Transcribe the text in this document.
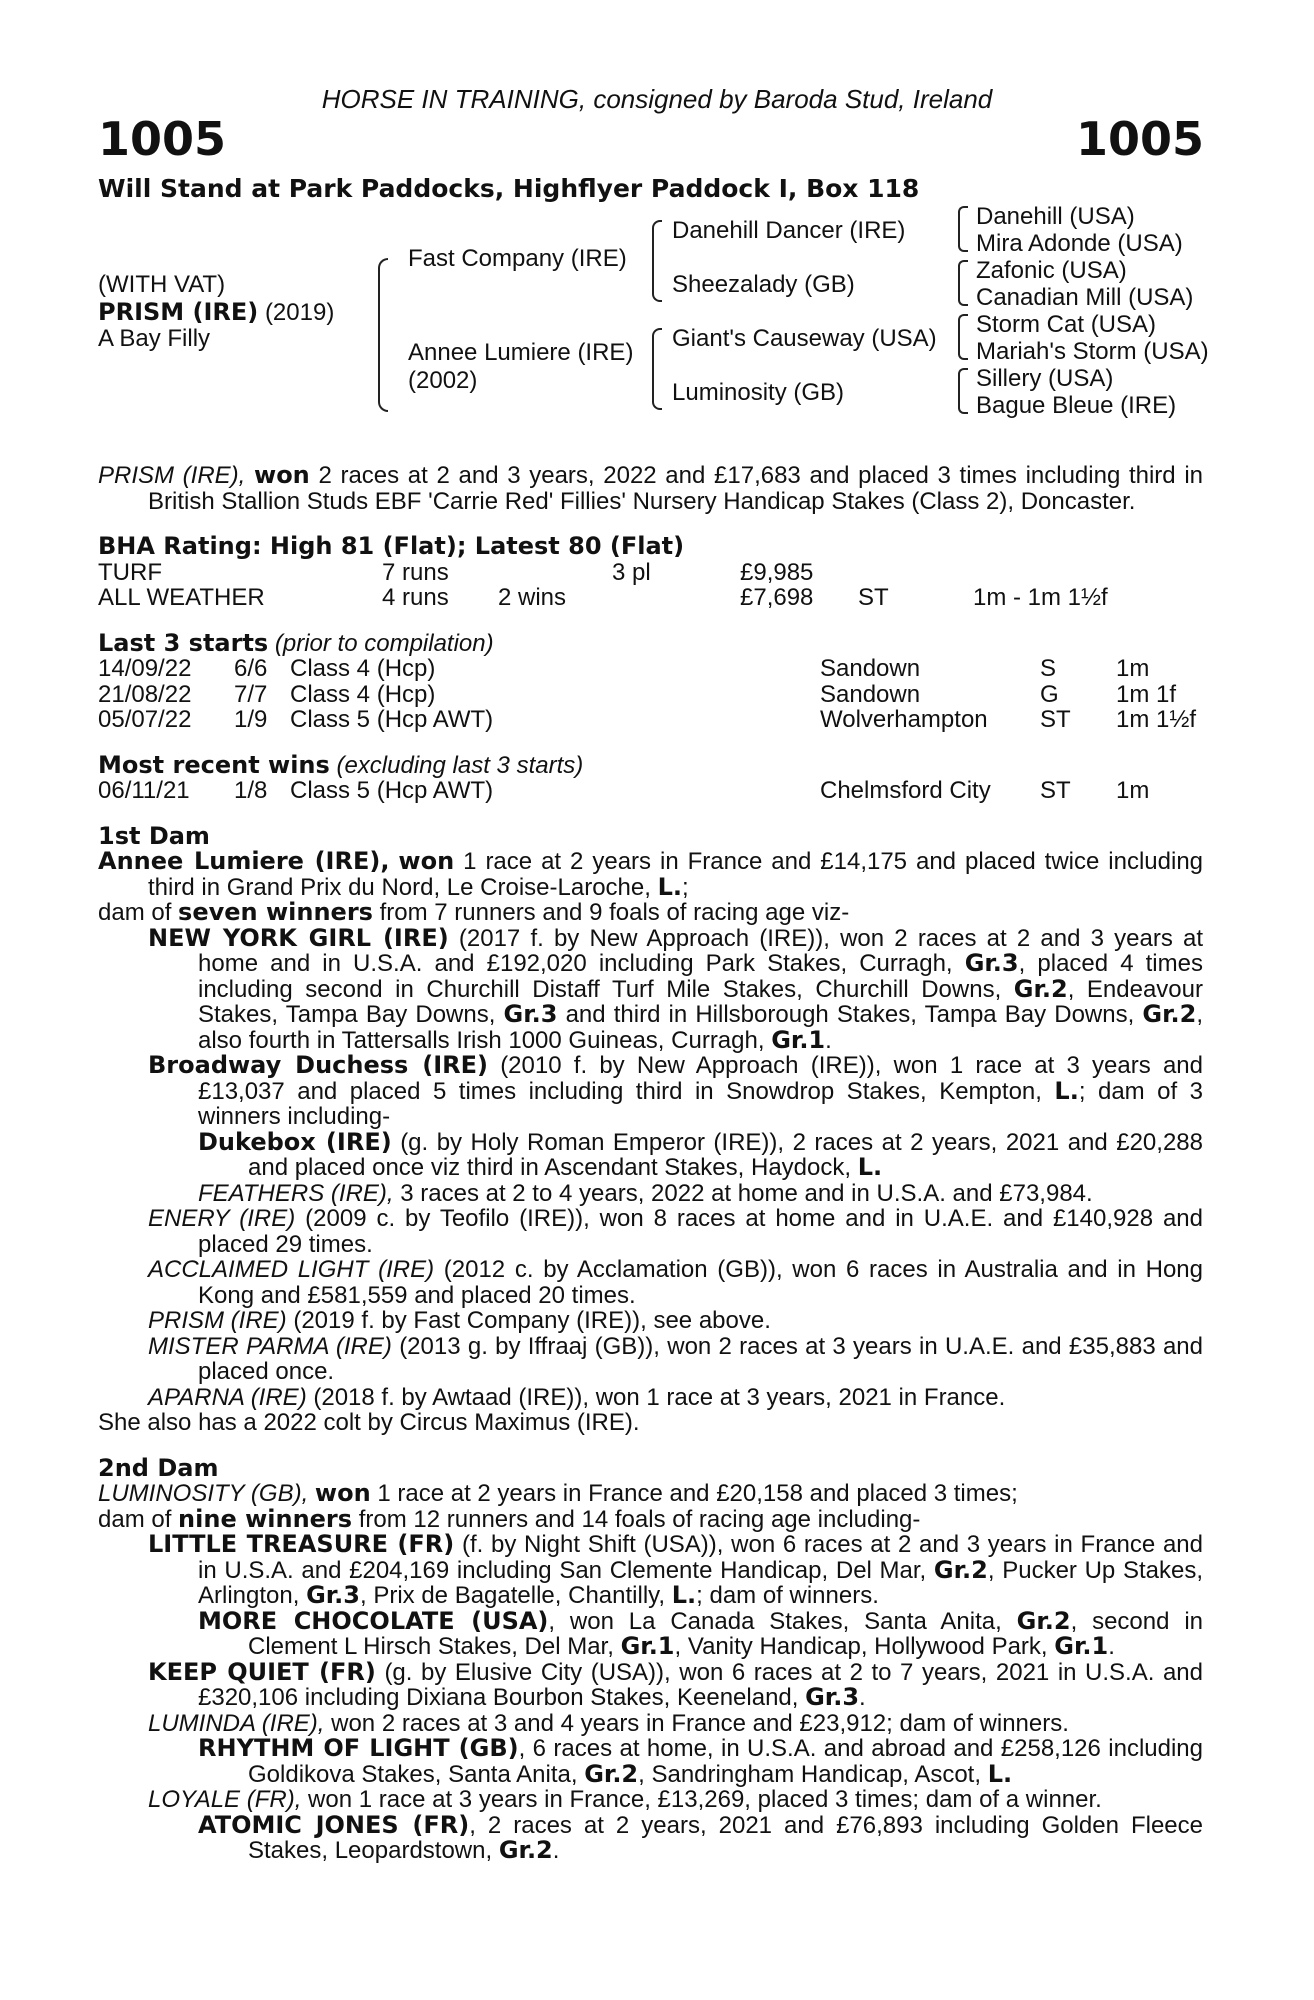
HORSE IN TRAINING, consigned by Baroda Stud, Ireland
1005	1005
Will Stand at Park Paddocks, Highflyer Paddock I, Box 118
(WITH VAT)
PRISM (IRE) (2019)
A Bay Filly
Fast Company (IRE)
Annee Lumiere (IRE)
(2002)
Danehill Dancer (IRE)
Sheezalady (GB)
Giant's Causeway (USA)
Luminosity (GB)
Danehill (USA)
Mira Adonde (USA)
Zafonic (USA)
Canadian Mill (USA)
Storm Cat (USA)
Mariah's Storm (USA)
Sillery (USA)
Bague Bleue (IRE)

PRISM (IRE), won 2 races at 2 and 3 years, 2022 and £17,683 and placed 3 times including third in British Stallion Studs EBF 'Carrie Red' Fillies' Nursery Handicap Stakes (Class 2), Doncaster.

BHA Rating: High 81 (Flat); Latest 80 (Flat)
TURF	7 runs	3 pl	£9,985
ALL WEATHER	4 runs 2 wins	£7,698 ST	1m - 1m 1½f
Last 3 starts (prior to compilation)
14/09/22 6/6 Class 4 (Hcp)	Sandown	S 1m
21/08/22 7/7 Class 4 (Hcp)	Sandown	G 1m 1f
05/07/22 1/9 Class 5 (Hcp AWT)	Wolverhampton ST 1m 1½f
Most recent wins (excluding last 3 starts)
06/11/21 1/8 Class 5 (Hcp AWT)	Chelmsford City ST 1m
1st Dam

Annee Lumiere (IRE), won 1 race at 2 years in France and £14,175 and placed twice including third in Grand Prix du Nord, Le Croise-Laroche, L.;

dam of seven winners from 7 runners and 9 foals of racing age viz-

NEW YORK GIRL (IRE) (2017 f. by New Approach (IRE)), won 2 races at 2 and 3 years at home and in U.S.A. and £192,020 including Park Stakes, Curragh, Gr.3, placed 4 times including second in Churchill Distaff Turf Mile Stakes, Churchill Downs, Gr.2, Endeavour Stakes, Tampa Bay Downs, Gr.3 and third in Hillsborough Stakes, Tampa Bay Downs, Gr.2, also fourth in Tattersalls Irish 1000 Guineas, Curragh, Gr.1.

Broadway Duchess (IRE) (2010 f. by New Approach (IRE)), won 1 race at 3 years and £13,037 and placed 5 times including third in Snowdrop Stakes, Kempton, L.; dam of 3 winners including-

Dukebox (IRE) (g. by Holy Roman Emperor (IRE)), 2 races at 2 years, 2021 and £20,288 and placed once viz third in Ascendant Stakes, Haydock, L.

FEATHERS (IRE), 3 races at 2 to 4 years, 2022 at home and in U.S.A. and £73,984.

ENERY (IRE) (2009 c. by Teofilo (IRE)), won 8 races at home and in U.A.E. and £140,928 and placed 29 times.

ACCLAIMED LIGHT (IRE) (2012 c. by Acclamation (GB)), won 6 races in Australia and in Hong Kong and £581,559 and placed 20 times.

PRISM (IRE) (2019 f. by Fast Company (IRE)), see above.

MISTER PARMA (IRE) (2013 g. by Iffraaj (GB)), won 2 races at 3 years in U.A.E. and £35,883 and placed once.

APARNA (IRE) (2018 f. by Awtaad (IRE)), won 1 race at 3 years, 2021 in France.

She also has a 2022 colt by Circus Maximus (IRE).

2nd Dam

LUMINOSITY (GB), won 1 race at 2 years in France and £20,158 and placed 3 times;

dam of nine winners from 12 runners and 14 foals of racing age including-

LITTLE TREASURE (FR) (f. by Night Shift (USA)), won 6 races at 2 and 3 years in France and in U.S.A. and £204,169 including San Clemente Handicap, Del Mar, Gr.2, Pucker Up Stakes, Arlington, Gr.3, Prix de Bagatelle, Chantilly, L.; dam of winners.

MORE CHOCOLATE (USA), won La Canada Stakes, Santa Anita, Gr.2, second in Clement L Hirsch Stakes, Del Mar, Gr.1, Vanity Handicap, Hollywood Park, Gr.1.

KEEP QUIET (FR) (g. by Elusive City (USA)), won 6 races at 2 to 7 years, 2021 in U.S.A. and £320,106 including Dixiana Bourbon Stakes, Keeneland, Gr.3.

LUMINDA (IRE), won 2 races at 3 and 4 years in France and £23,912; dam of winners.

RHYTHM OF LIGHT (GB), 6 races at home, in U.S.A. and abroad and £258,126 including Goldikova Stakes, Santa Anita, Gr.2, Sandringham Handicap, Ascot, L.

LOYALE (FR), won 1 race at 3 years in France, £13,269, placed 3 times; dam of a winner.

ATOMIC JONES (FR), 2 races at 2 years, 2021 and £76,893 including Golden Fleece Stakes, Leopardstown, Gr.2.
